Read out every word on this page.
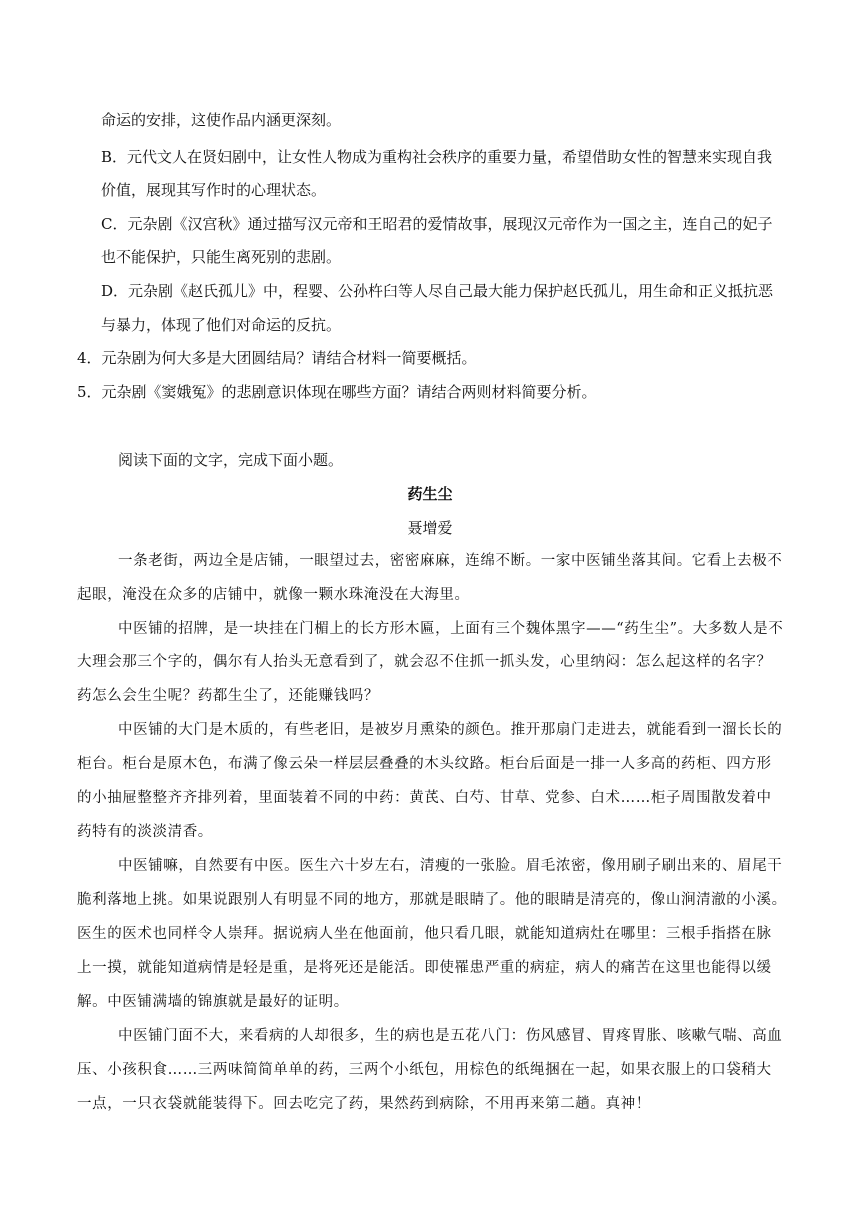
命运的安排，这使作品内涵更深刻。
B．元代文人在贤妇剧中，让女性人物成为重构社会秩序的重要力量，希望借助女性的智慧来实现自我
价值，展现其写作时的心理状态。
C．元杂剧《汉宫秋》通过描写汉元帝和王昭君的爱情故事，展现汉元帝作为一国之主，连自己的妃子
也不能保护，只能生离死别的悲剧。
D．元杂剧《赵氏孤儿》中，程婴、公孙杵臼等人尽自己最大能力保护赵氏孤儿，用生命和正义抵抗恶
与暴力，体现了他们对命运的反抗。
4．元杂剧为何大多是大团圆结局？请结合材料一简要概括。
5．元杂剧《窦娥冤》的悲剧意识体现在哪些方面？请结合两则材料简要分析。
阅读下面的文字，完成下面小题。
药生尘
聂增爱
一条老街，两边全是店铺，一眼望过去，密密麻麻，连绵不断。一家中医铺坐落其间。它看上去极不
起眼，淹没在众多的店铺中，就像一颗水珠淹没在大海里。
中医铺的招牌，是一块挂在门楣上的长方形木匾，上面有三个魏体黑字——“药生尘”。大多数人是不
大理会那三个字的，偶尔有人抬头无意看到了，就会忍不住抓一抓头发，心里纳闷：怎么起这样的名字？
药怎么会生尘呢？药都生尘了，还能赚钱吗？
中医铺的大门是木质的，有些老旧，是被岁月熏染的颜色。推开那扇门走进去，就能看到一溜长长的
柜台。柜台是原木色，布满了像云朵一样层层叠叠的木头纹路。柜台后面是一排一人多高的药柜、四方形
的小抽屉整整齐齐排列着，里面装着不同的中药：黄芪、白芍、甘草、党参、白术……柜子周围散发着中
药特有的淡淡清香。
中医铺嘛，自然要有中医。医生六十岁左右，清瘦的一张脸。眉毛浓密，像用刷子刷出来的、眉尾干
脆利落地上挑。如果说跟别人有明显不同的地方，那就是眼睛了。他的眼睛是清亮的，像山涧清澈的小溪。
医生的医术也同样令人崇拜。据说病人坐在他面前，他只看几眼，就能知道病灶在哪里：三根手指搭在脉
上一摸，就能知道病情是轻是重，是将死还是能活。即使罹患严重的病症，病人的痛苦在这里也能得以缓
解。中医铺满墙的锦旗就是最好的证明。
中医铺门面不大，来看病的人却很多，生的病也是五花八门：伤风感冒、胃疼胃胀、咳嗽气喘、高血
压、小孩积食……三两味简简单单的药，三两个小纸包，用棕色的纸绳捆在一起，如果衣服上的口袋稍大
一点，一只衣袋就能装得下。回去吃完了药，果然药到病除，不用再来第二趟。真神！
